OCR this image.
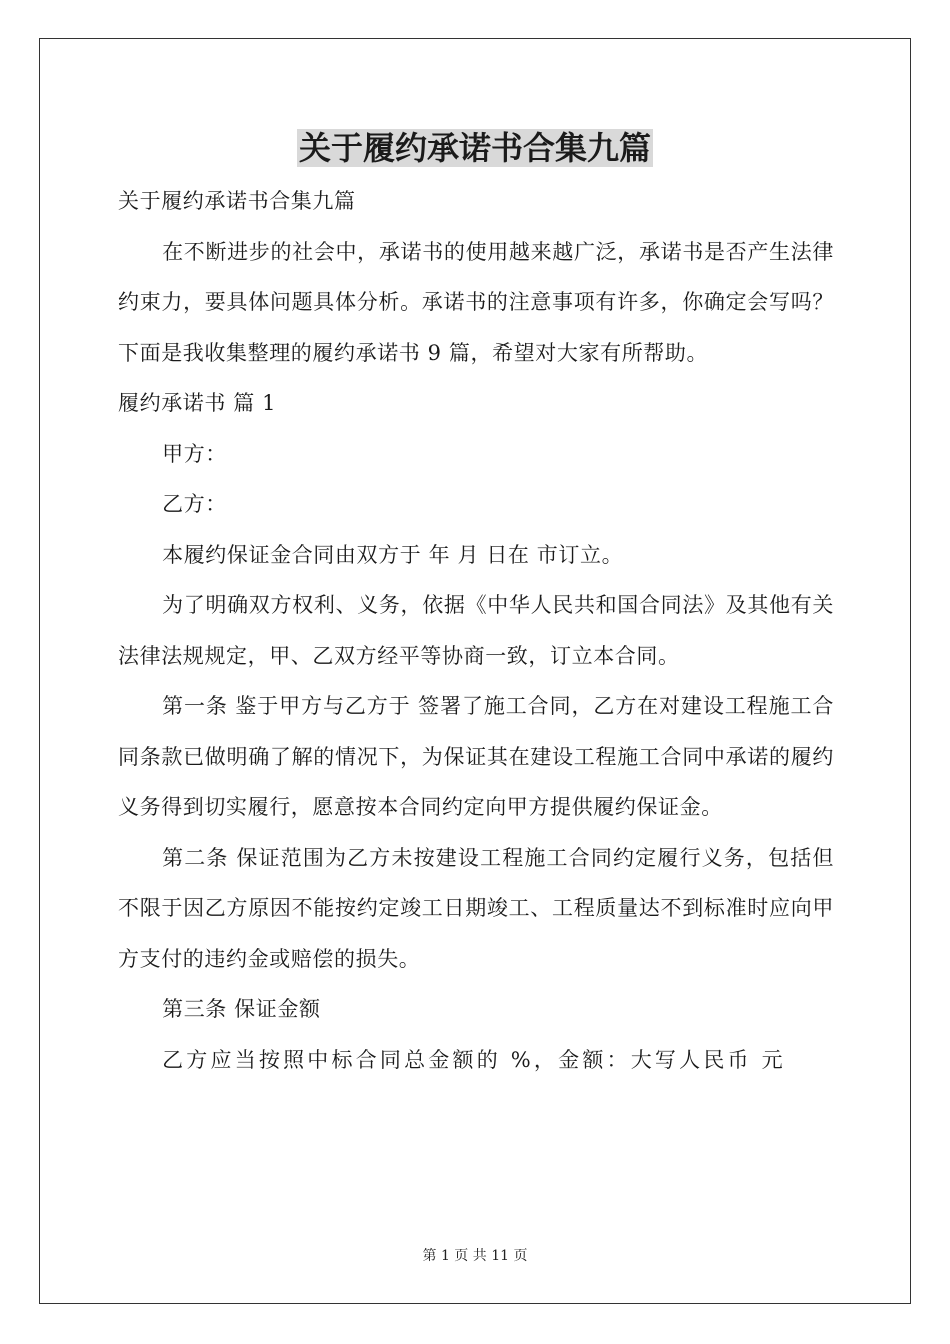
关于履约承诺书合集九篇

关于履约承诺书合集九篇

在不断进步的社会中，承诺书的使用越来越广泛，承诺书是否产生法律约束力，要具体问题具体分析。承诺书的注意事项有许多，你确定会写吗？下面是我收集整理的履约承诺书 9 篇，希望对大家有所帮助。

履约承诺书 篇 1

甲方：

乙方：

本履约保证金合同由双方于 年 月 日在 市订立。

为了明确双方权利、义务，依据《中华人民共和国合同法》及其他有关法律法规规定，甲、乙双方经平等协商一致，订立本合同。

第一条 鉴于甲方与乙方于 签署了施工合同，乙方在对建设工程施工合同条款已做明确了解的情况下，为保证其在建设工程施工合同中承诺的履约义务得到切实履行，愿意按本合同约定向甲方提供履约保证金。

第二条 保证范围为乙方未按建设工程施工合同约定履行义务，包括但不限于因乙方原因不能按约定竣工日期竣工、工程质量达不到标准时应向甲方支付的违约金或赔偿的损失。

第三条 保证金额

乙方应当按照中标合同总金额的 %，金额：大写人民币 元

第 1 页 共 11 页
